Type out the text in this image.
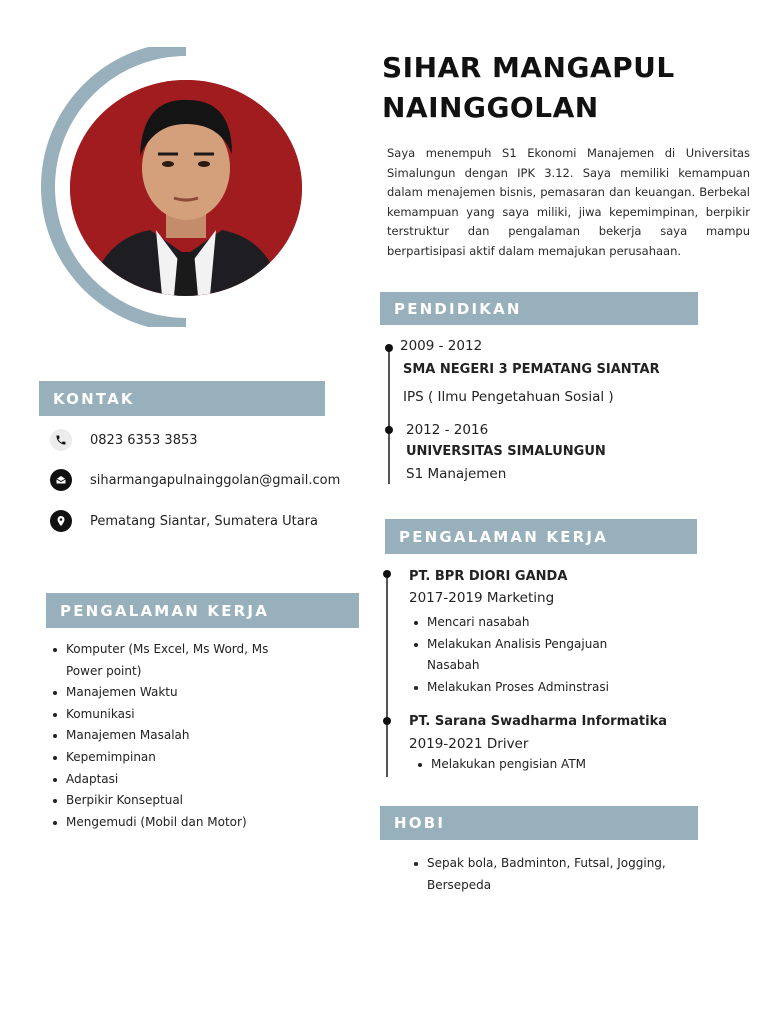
SIHAR MANGAPUL
NAINGGOLAN
Saya menempuh S1 Ekonomi Manajemen di Universitas Simalungun dengan IPK 3.12. Saya memiliki kemampuan dalam menajemen bisnis, pemasaran dan keuangan. Berbekal kemampuan yang saya miliki, jiwa kepemimpinan, berpikir terstruktur dan pengalaman bekerja saya mampu berpartisipasi aktif dalam memajukan perusahaan.
KONTAK
0823 6353 3853
siharmangapulnainggolan@gmail.com
Pematang Siantar, Sumatera Utara
PENGALAMAN KERJA
Komputer (Ms Excel, Ms Word, Ms
Power point)
Manajemen Waktu
Komunikasi
Manajemen Masalah
Kepemimpinan
Adaptasi
Berpikir Konseptual
Mengemudi (Mobil dan Motor)
PENDIDIKAN
2009 - 2012
SMA NEGERI 3 PEMATANG SIANTAR
IPS ( Ilmu Pengetahuan Sosial )
2012 - 2016
UNIVERSITAS SIMALUNGUN
S1 Manajemen
PENGALAMAN KERJA
PT. BPR DIORI GANDA
2017-2019 Marketing
Mencari nasabah
Melakukan Analisis Pengajuan
Nasabah
Melakukan Proses Adminstrasi
PT. Sarana Swadharma Informatika
2019-2021 Driver
Melakukan pengisian ATM
HOBI
Sepak bola, Badminton, Futsal, Jogging,
Bersepeda
